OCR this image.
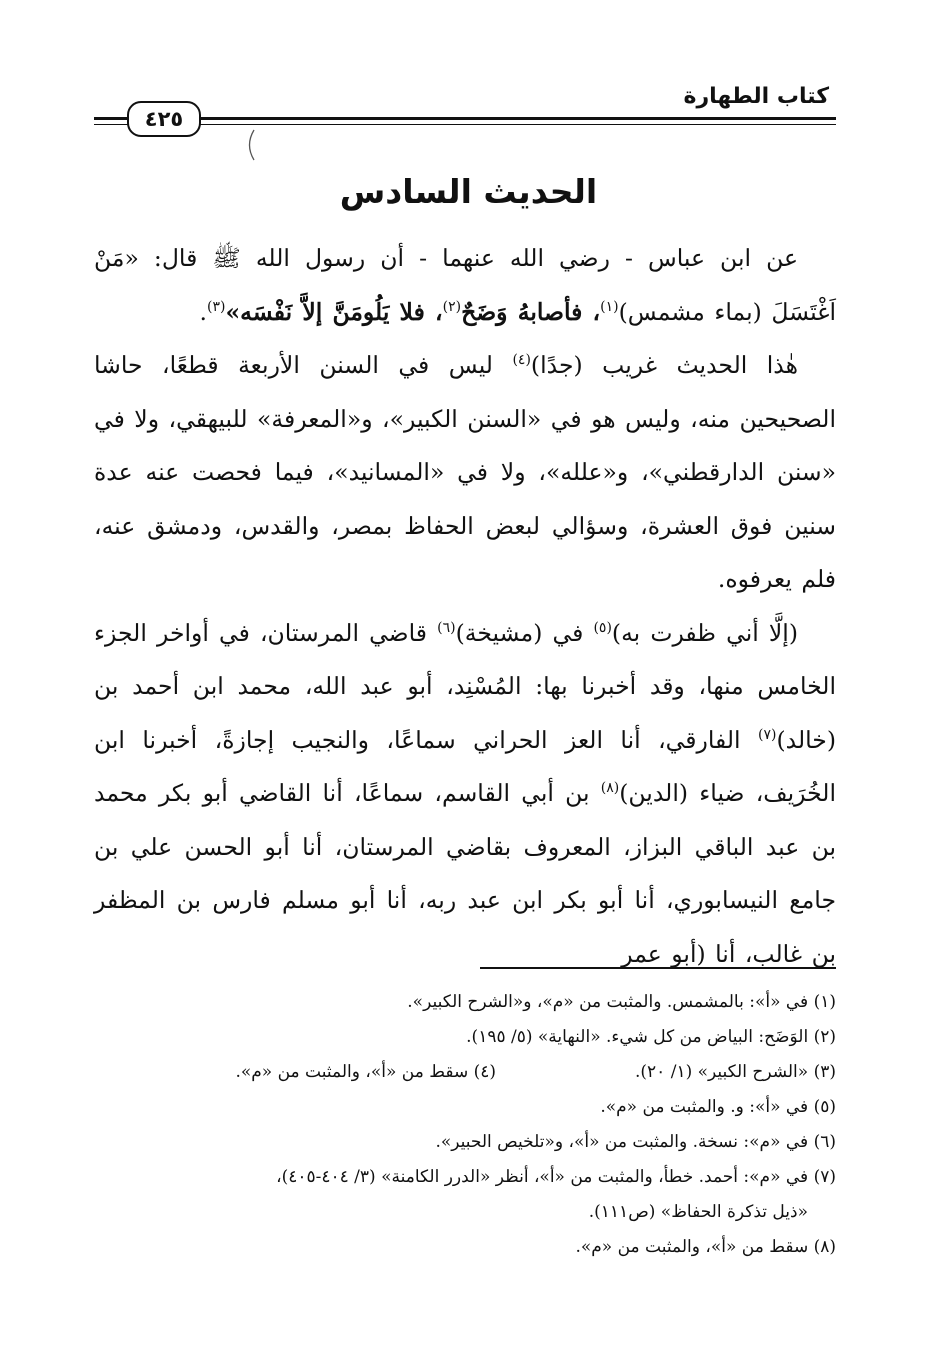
كتاب الطهارة
٤٢٥
الحديث السادس

عن ابن عباس - رضي الله عنهما - أن رسول الله ﷺ قال: «مَنْ اَغْتَسَلَ (بماء مشمس)$^{(١)}$، فأصابهُ وَضَحٌ$^{(٢)}$، فلا يَلُومَنَّ إلاَّ نَفْسَه»$^{(٣)}$.

هٰذا الحديث غريب (جدًا)$^{(٤)}$ ليس في السنن الأربعة قطعًا، حاشا الصحيحين منه، وليس هو في «السنن الكبير»، و«المعرفة» للبيهقي، ولا في «سنن الدارقطني»، و«علله»، ولا في «المسانيد»، فيما فحصت عنه عدة سنين فوق العشرة، وسؤالي لبعض الحفاظ بمصر، والقدس، ودمشق عنه، فلم يعرفوه.

(إلَّا أني ظفرت به)$^{(٥)}$ في (مشيخة)$^{(٦)}$ قاضي المرستان، في أواخر الجزء الخامس منها، وقد أخبرنا بها: المُسْنِد، أبو عبد الله، محمد ابن أحمد بن (خالد)$^{(٧)}$ الفارقي، أنا العز الحراني سماعًا، والنجيب إجازةً، أخبرنا ابن الخُرَيف، ضياء (الدين)$^{(٨)}$ بن أبي القاسم، سماعًا، أنا القاضي أبو بكر محمد بن عبد الباقي البزاز، المعروف بقاضي المرستان، أنا أبو الحسن علي بن جامع النيسابوري، أنا أبو بكر ابن عبد ربه، أنا أبو مسلم فارس بن المظفر بن غالب، أنا (أبو عمر

(١) في «أ»: بالمشمس. والمثبت من «م»، و«الشرح الكبير».

(٢) الوَضَح: البياض من كل شيء. «النهاية» (٥/ ١٩٥).

(٣) «الشرح الكبير» (١/ ٢٠).
(٤) سقط من «أ»، والمثبت من «م».

(٥) في «أ»: و. والمثبت من «م».

(٦) في «م»: نسخة. والمثبت من «أ»، و«تلخيص الحبير».

(٧) في «م»: أحمد. خطأ، والمثبت من «أ»، أنظر «الدرر الكامنة» (٣/ ٤٠٤-٤٠٥)،
«ذيل تذكرة الحفاظ» (ص١١١).

(٨) سقط من «أ»، والمثبت من «م».
